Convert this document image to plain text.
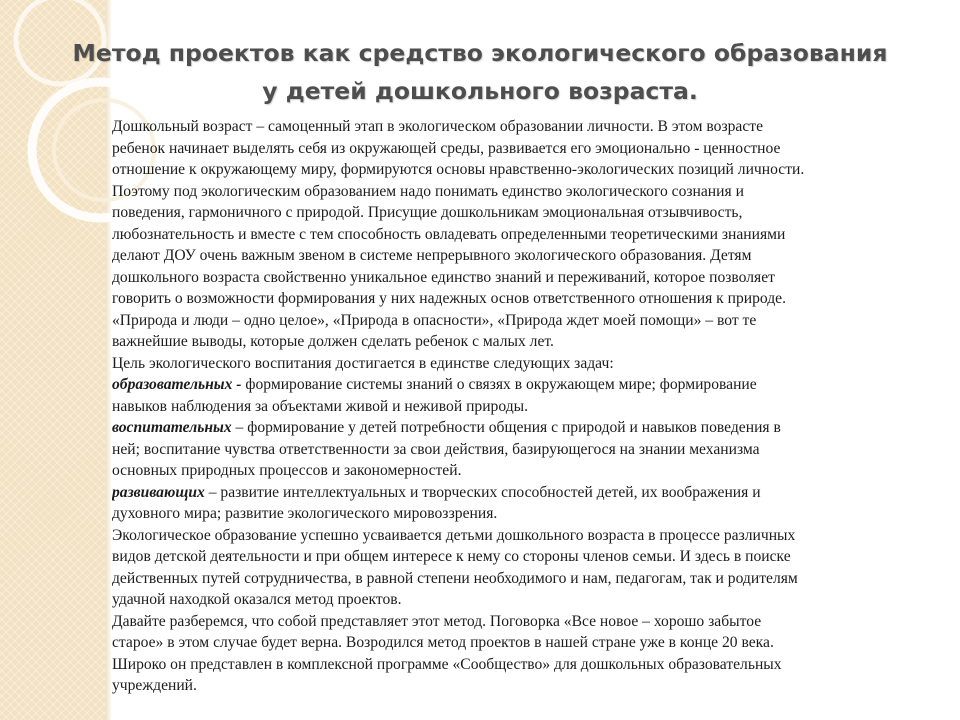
Метод проектов как средство экологического образования
у детей дошкольного возраста.
Дошкольный возраст – самоценный этап в экологическом образовании личности. В этом возрасте
ребенок начинает выделять себя из окружающей среды, развивается его эмоционально - ценностное
отношение к окружающему миру, формируются основы нравственно-экологических позиций личности.
Поэтому под экологическим образованием надо понимать единство экологического сознания и
поведения, гармоничного с природой. Присущие дошкольникам эмоциональная отзывчивость,
любознательность и вместе с тем способность овладевать определенными теоретическими знаниями
делают ДОУ очень важным звеном в системе непрерывного экологического образования. Детям
дошкольного возраста свойственно уникальное единство знаний и переживаний, которое позволяет
говорить о возможности формирования у них надежных основ ответственного отношения к природе.
«Природа и люди – одно целое», «Природа в опасности», «Природа ждет моей помощи» – вот те
важнейшие выводы, которые должен сделать ребенок с малых лет.
Цель экологического воспитания достигается в единстве следующих задач:
образовательных - формирование системы знаний о связях в окружающем мире; формирование
навыков наблюдения за объектами живой и неживой природы.
воспитательных – формирование у детей потребности общения с природой и навыков поведения в
ней; воспитание чувства ответственности за свои действия, базирующегося на знании механизма
основных природных процессов и закономерностей.
развивающих – развитие интеллектуальных и творческих способностей детей, их воображения и
духовного мира; развитие экологического мировоззрения.
Экологическое образование успешно усваивается детьми дошкольного возраста в процессе различных
видов детской деятельности и при общем интересе к нему со стороны членов семьи. И здесь в поиске
действенных путей сотрудничества, в равной степени необходимого и нам, педагогам, так и родителям
удачной находкой оказался метод проектов.
Давайте разберемся, что собой представляет этот метод. Поговорка «Все новое – хорошо забытое
старое» в этом случае будет верна. Возродился метод проектов в нашей стране уже в конце 20 века.
Широко он представлен в комплексной программе «Сообщество» для дошкольных образовательных
учреждений.
